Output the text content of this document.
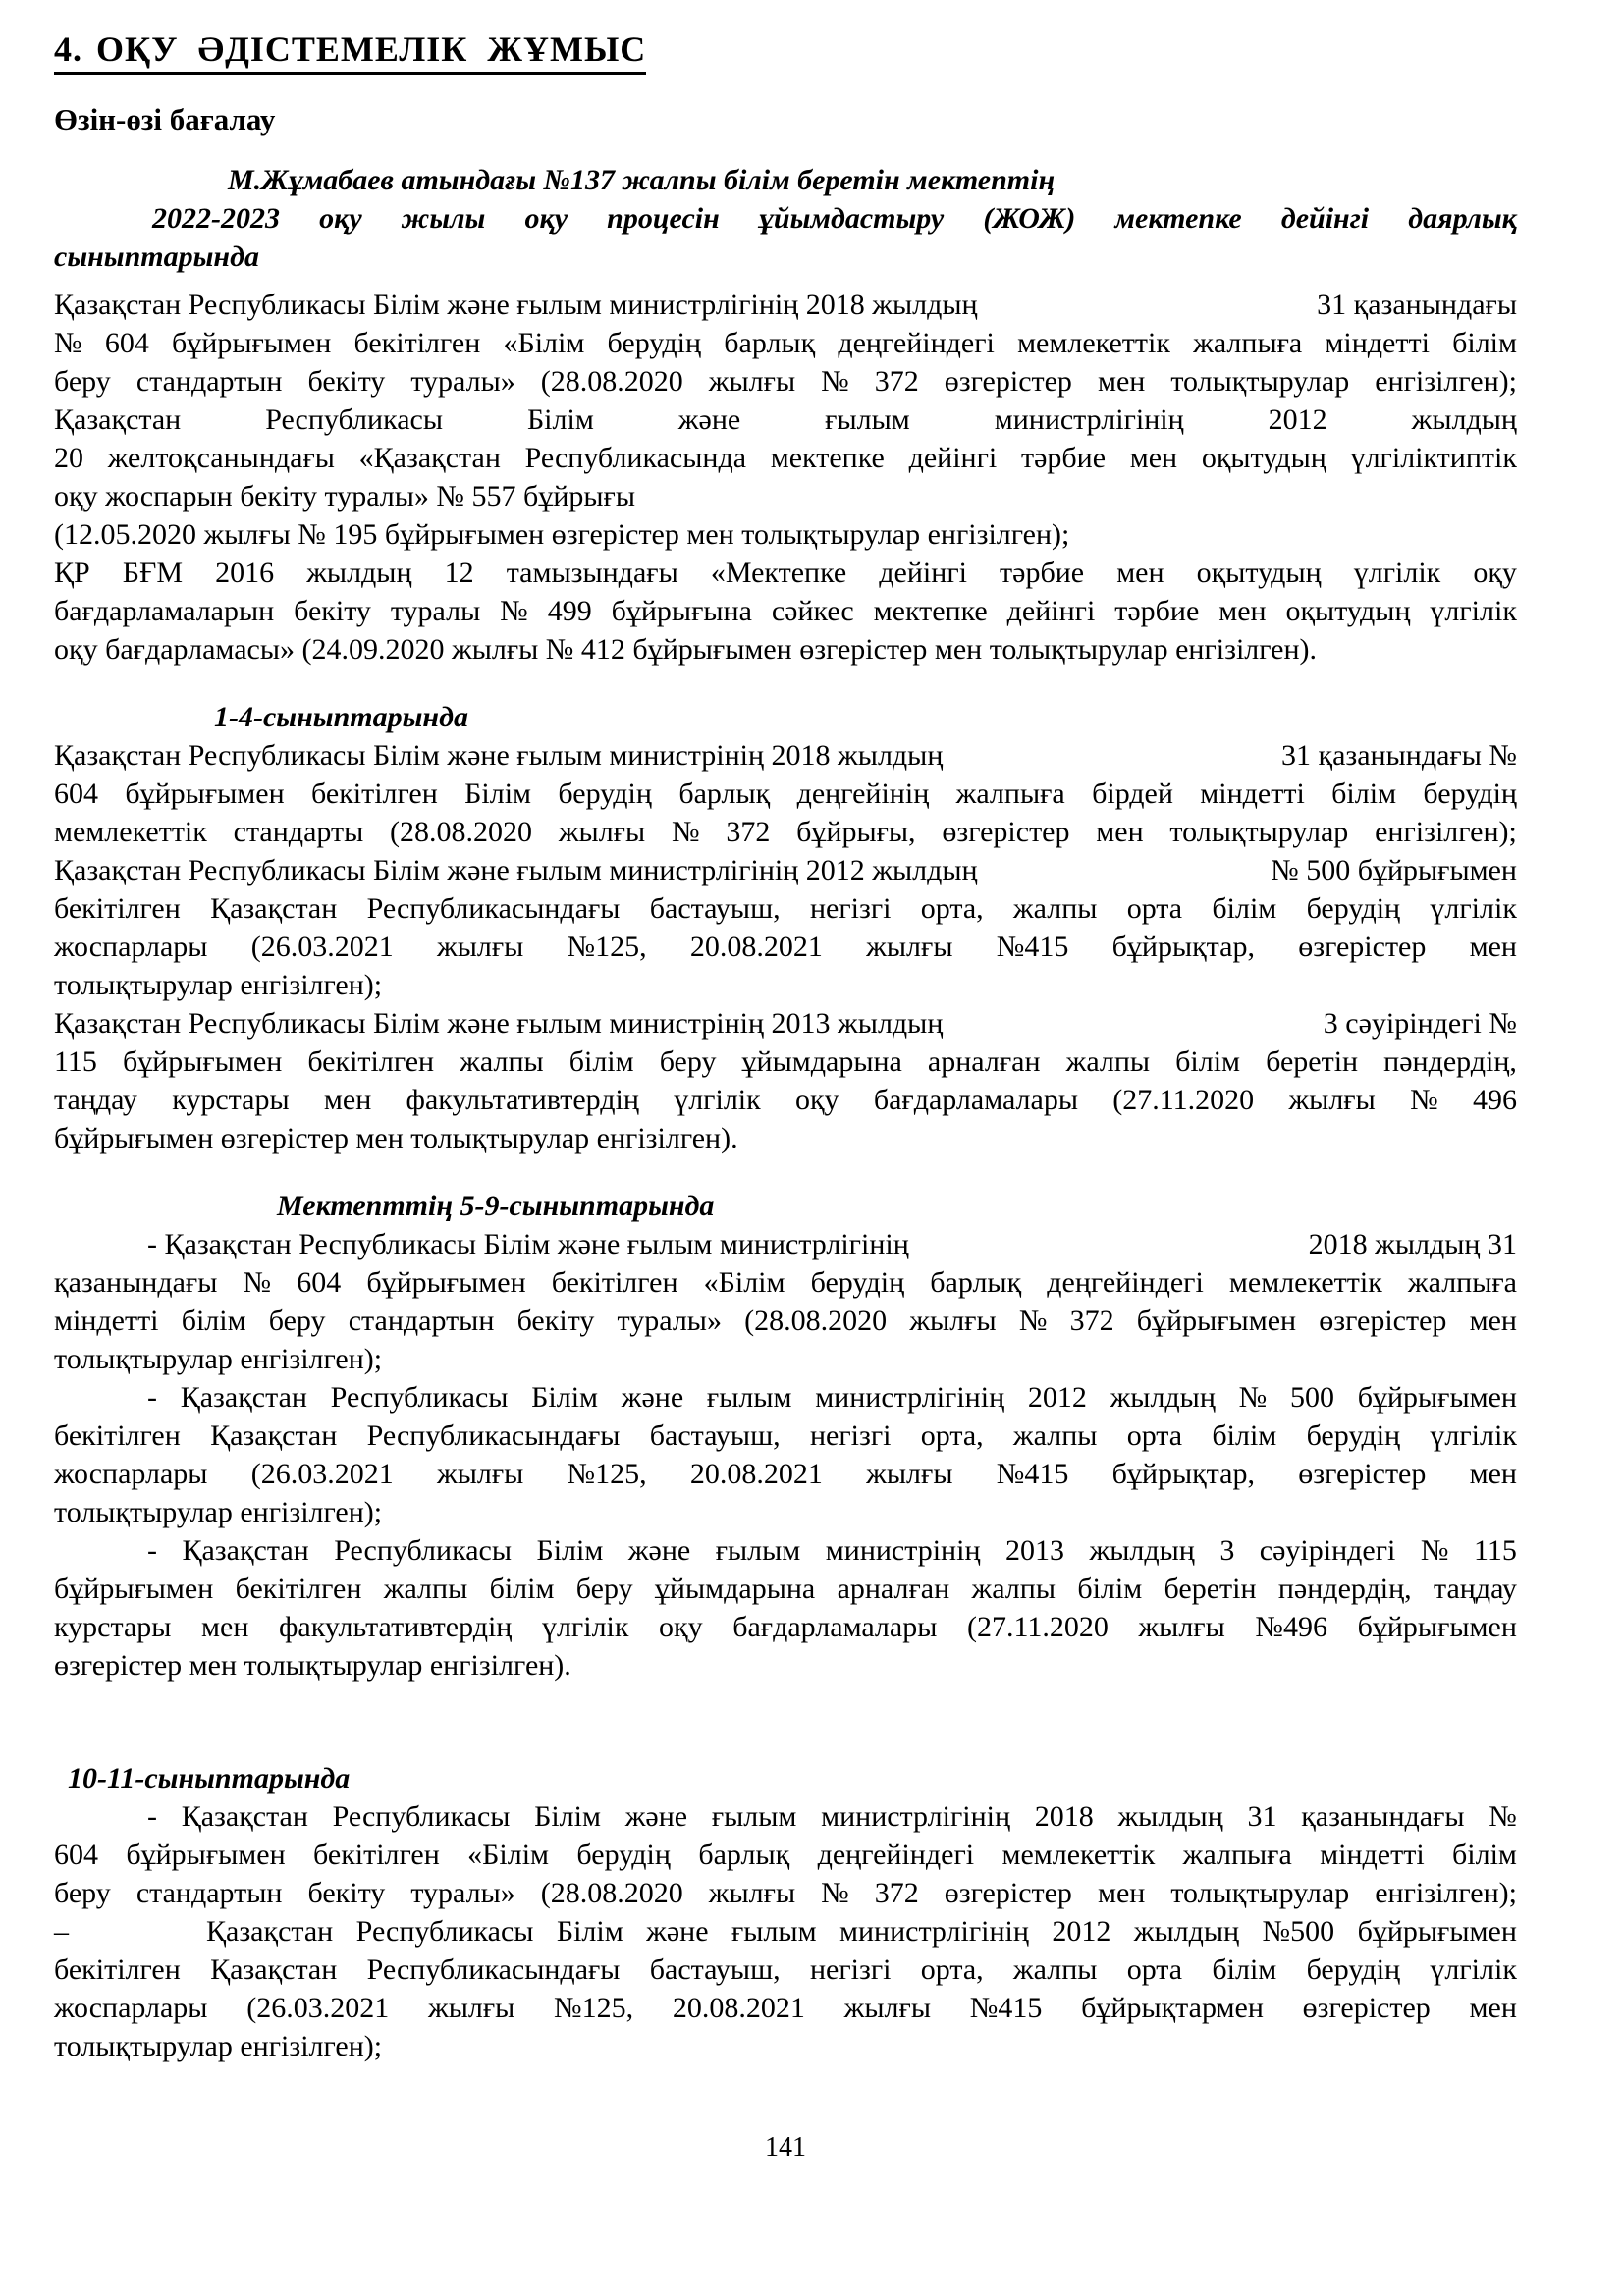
4. ОҚУ ӘДІСТЕМЕЛІК ЖҰМЫС
Өзін-өзі бағалау
М.Жұмабаев атындағы №137 жалпы білім беретін мектептің
2022-2023 оқу жылы оқу процесін ұйымдастыру (ЖОЖ) мектепке дейінгі даярлық
сыныптарында
Қазақстан Республикасы Білім және ғылым министрлігінің 2018 жылдың	31 қазанындағы
№ 604 бұйрығымен бекітілген «Білім берудің барлық деңгейіндегі мемлекеттік жалпыға міндетті білім
беру стандартын бекіту туралы» (28.08.2020 жылғы № 372 өзгерістер мен толықтырулар енгізілген);
Қазақстан	Республикасы	Білім	және	ғылым	министрлігінің	2012	жылдың
20 желтоқсанындағы «Қазақстан Республикасында мектепке дейінгі тәрбие мен оқытудың үлгіліктиптік
оқу жоспарын бекіту туралы» № 557 бұйрығы
(12.05.2020 жылғы № 195 бұйрығымен өзгерістер мен толықтырулар енгізілген);
ҚР БҒМ 2016 жылдың 12 тамызындағы «Мектепке дейінгі тәрбие мен оқытудың үлгілік оқу
бағдарламаларын бекіту туралы № 499 бұйрығына сәйкес мектепке дейінгі тәрбие мен оқытудың үлгілік
оқу бағдарламасы» (24.09.2020 жылғы № 412 бұйрығымен өзгерістер мен толықтырулар енгізілген).
1-4-сыныптарында
Қазақстан Республикасы Білім және ғылым министрінің 2018 жылдың	31 қазанындағы №
604 бұйрығымен бекітілген Білім берудің барлық деңгейінің жалпыға бірдей міндетті білім берудің
мемлекеттік стандарты (28.08.2020 жылғы № 372 бұйрығы, өзгерістер мен толықтырулар енгізілген);
Қазақстан Республикасы Білім және ғылым министрлігінің 2012 жылдың	№ 500 бұйрығымен
бекітілген Қазақстан Республикасындағы бастауыш, негізгі орта, жалпы орта білім берудің үлгілік
жоспарлары (26.03.2021 жылғы №125, 20.08.2021 жылғы №415 бұйрықтар, өзгерістер мен
толықтырулар енгізілген);
Қазақстан Республикасы Білім және ғылым министрінің 2013 жылдың	3 сәуіріндегі №
115 бұйрығымен бекітілген жалпы білім беру ұйымдарына арналған жалпы білім беретін пәндердің,
таңдау курстары мен факультативтердің үлгілік оқу бағдарламалары (27.11.2020 жылғы № 496
бұйрығымен өзгерістер мен толықтырулар енгізілген).
Мектепттің 5-9-сыныптарында
- Қазақстан Республикасы Білім және ғылым министрлігінің	2018 жылдың 31
қазанындағы № 604 бұйрығымен бекітілген «Білім берудің барлық деңгейіндегі мемлекеттік жалпыға
міндетті білім беру стандартын бекіту туралы» (28.08.2020 жылғы № 372 бұйрығымен өзгерістер мен
толықтырулар енгізілген);
- Қазақстан Республикасы Білім және ғылым министрлігінің 2012 жылдың № 500 бұйрығымен
бекітілген Қазақстан Республикасындағы бастауыш, негізгі орта, жалпы орта білім берудің үлгілік
жоспарлары (26.03.2021 жылғы №125, 20.08.2021 жылғы №415 бұйрықтар, өзгерістер мен
толықтырулар енгізілген);
- Қазақстан Республикасы Білім және ғылым министрінің 2013 жылдың 3 сәуіріндегі № 115
бұйрығымен бекітілген жалпы білім беру ұйымдарына арналған жалпы білім беретін пәндердің, таңдау
курстары мен факультативтердің үлгілік оқу бағдарламалары (27.11.2020 жылғы №496 бұйрығымен
өзгерістер мен толықтырулар енгізілген).
10-11-сыныптарында
- Қазақстан Республикасы Білім және ғылым министрлігінің 2018 жылдың 31 қазанындағы №
604 бұйрығымен бекітілген «Білім берудің барлық деңгейіндегі мемлекеттік жалпыға міндетті білім
беру стандартын бекіту туралы» (28.08.2020 жылғы № 372 өзгерістер мен толықтырулар енгізілген);
–	Қазақстан Республикасы Білім және ғылым министрлігінің 2012 жылдың №500 бұйрығымен
бекітілген Қазақстан Республикасындағы бастауыш, негізгі орта, жалпы орта білім берудің үлгілік
жоспарлары (26.03.2021 жылғы №125, 20.08.2021 жылғы №415 бұйрықтармен өзгерістер мен
толықтырулар енгізілген);
141
